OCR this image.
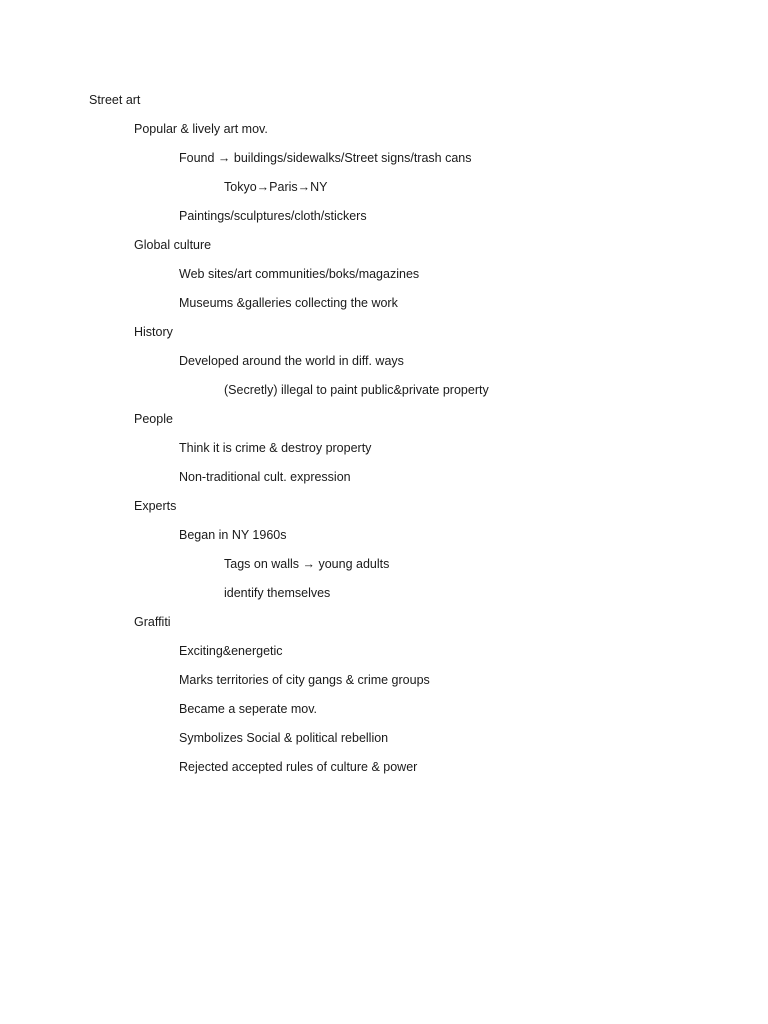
Street art
Popular & lively art mov.
Found → buildings/sidewalks/Street signs/trash cans
Tokyo→Paris→NY
Paintings/sculptures/cloth/stickers
Global culture
Web sites/art communities/boks/magazines
Museums &galleries collecting the work
History
Developed around the world in diff. ways
(Secretly) illegal to paint public&private property
People
Think it is crime & destroy property
Non-traditional cult. expression
Experts
Began in NY 1960s
Tags on walls → young adults
identify themselves
Graffiti
Exciting&energetic
Marks territories of city gangs & crime groups
Became a seperate mov.
Symbolizes Social & political rebellion
Rejected accepted rules of culture & power
